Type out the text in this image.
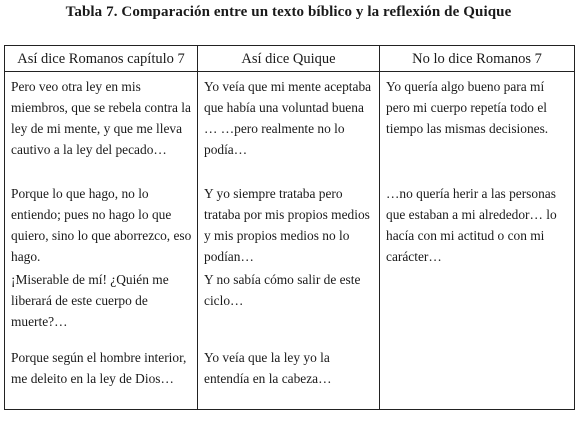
Tabla 7. Comparación entre un texto bíblico y la reflexión de Quique
Así dice Romanos capítulo 7	Así dice Quique	No lo dice Romanos 7
Pero veo otra ley en mis miembros, que se rebela contra la ley de mi mente, y que me lleva cautivo a la ley del pecado…	Yo veía que mi mente aceptaba que había una voluntad buena … …pero realmente no lo podía…	Yo quería algo bueno para mí pero mi cuerpo repetía todo el tiempo las mismas decisiones.
Porque lo que hago, no lo entiendo; pues no hago lo que quiero, sino lo que aborrezco, eso hago.	Y yo siempre trataba pero trataba por mis propios medios y mis propios medios no lo podían…	…no quería herir a las personas que estaban a mi alrededor… lo hacía con mi actitud o con mi carácter…
¡Miserable de mí! ¿Quién me liberará de este cuerpo de muerte?…	Y no sabía cómo salir de este ciclo…	
Porque según el hombre interior, me deleito en la ley de Dios…	Yo veía que la ley yo la entendía en la cabeza…	
